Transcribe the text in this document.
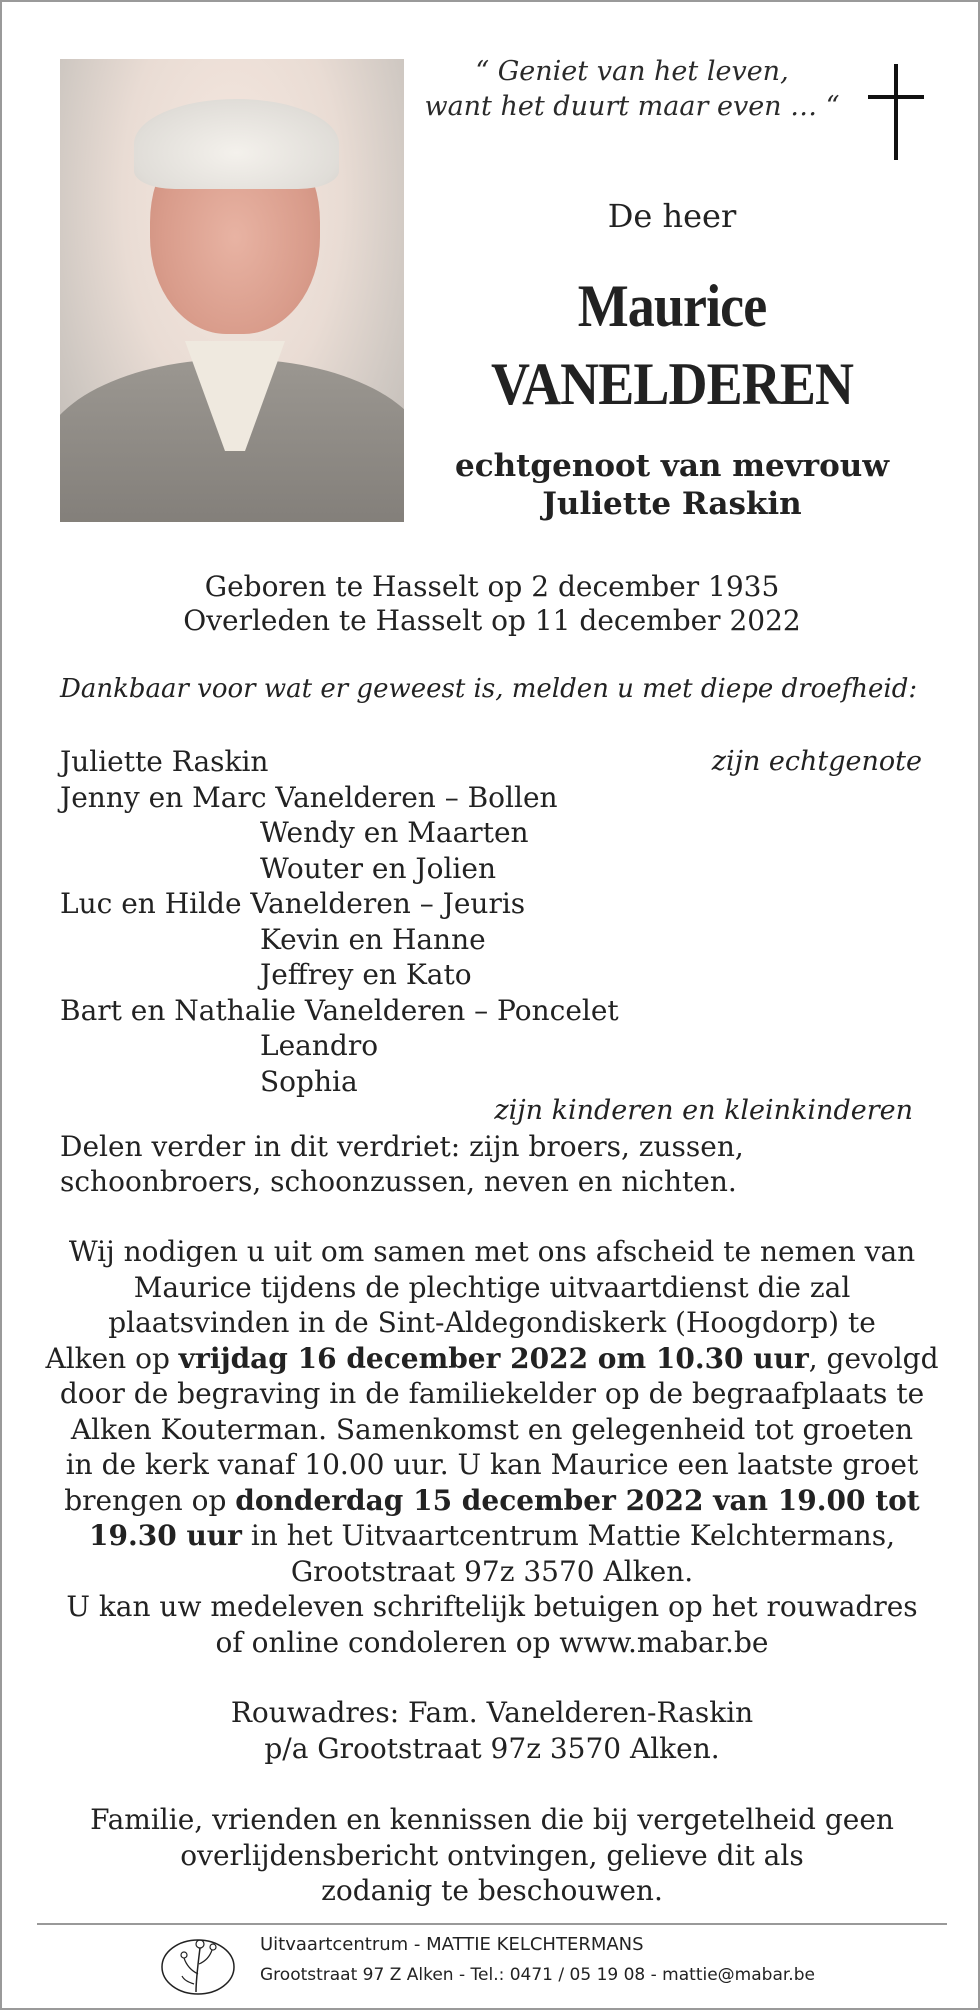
“ Geniet van het leven,
want het duurt maar even … “
De heer
Maurice
VANELDEREN
echtgenoot van mevrouw
Juliette Raskin
Geboren te Hasselt op 2 december 1935
Overleden te Hasselt op 11 december 2022
Dankbaar voor wat er geweest is, melden u met diepe droefheid:
Juliette Raskin	zijn echtgenote
Jenny en Marc Vanelderen – Bollen
Wendy en Maarten
Wouter en Jolien
Luc en Hilde Vanelderen – Jeuris
Kevin en Hanne
Jeffrey en Kato
Bart en Nathalie Vanelderen – Poncelet
Leandro
Sophia
zijn kinderen en kleinkinderen
Delen verder in dit verdriet: zijn broers, zussen,
schoonbroers, schoonzussen, neven en nichten.
Wij nodigen u uit om samen met ons afscheid te nemen van
Maurice tijdens de plechtige uitvaartdienst die zal
plaatsvinden in de Sint-Aldegondiskerk (Hoogdorp) te
Alken op vrijdag 16 december 2022 om 10.30 uur, gevolgd
door de begraving in de familiekelder op de begraafplaats te
Alken Kouterman. Samenkomst en gelegenheid tot groeten
in de kerk vanaf 10.00 uur. U kan Maurice een laatste groet
brengen op donderdag 15 december 2022 van 19.00 tot
19.30 uur in het Uitvaartcentrum Mattie Kelchtermans,
Grootstraat 97z 3570 Alken.
U kan uw medeleven schriftelijk betuigen op het rouwadres
of online condoleren op www.mabar.be
Rouwadres: Fam. Vanelderen-Raskin
p/a Grootstraat 97z 3570 Alken.
Familie, vrienden en kennissen die bij vergetelheid geen
overlijdensbericht ontvingen, gelieve dit als
zodanig te beschouwen.
Uitvaartcentrum - MATTIE KELCHTERMANS
Grootstraat 97 Z Alken - Tel.: 0471 / 05 19 08 - mattie@mabar.be
